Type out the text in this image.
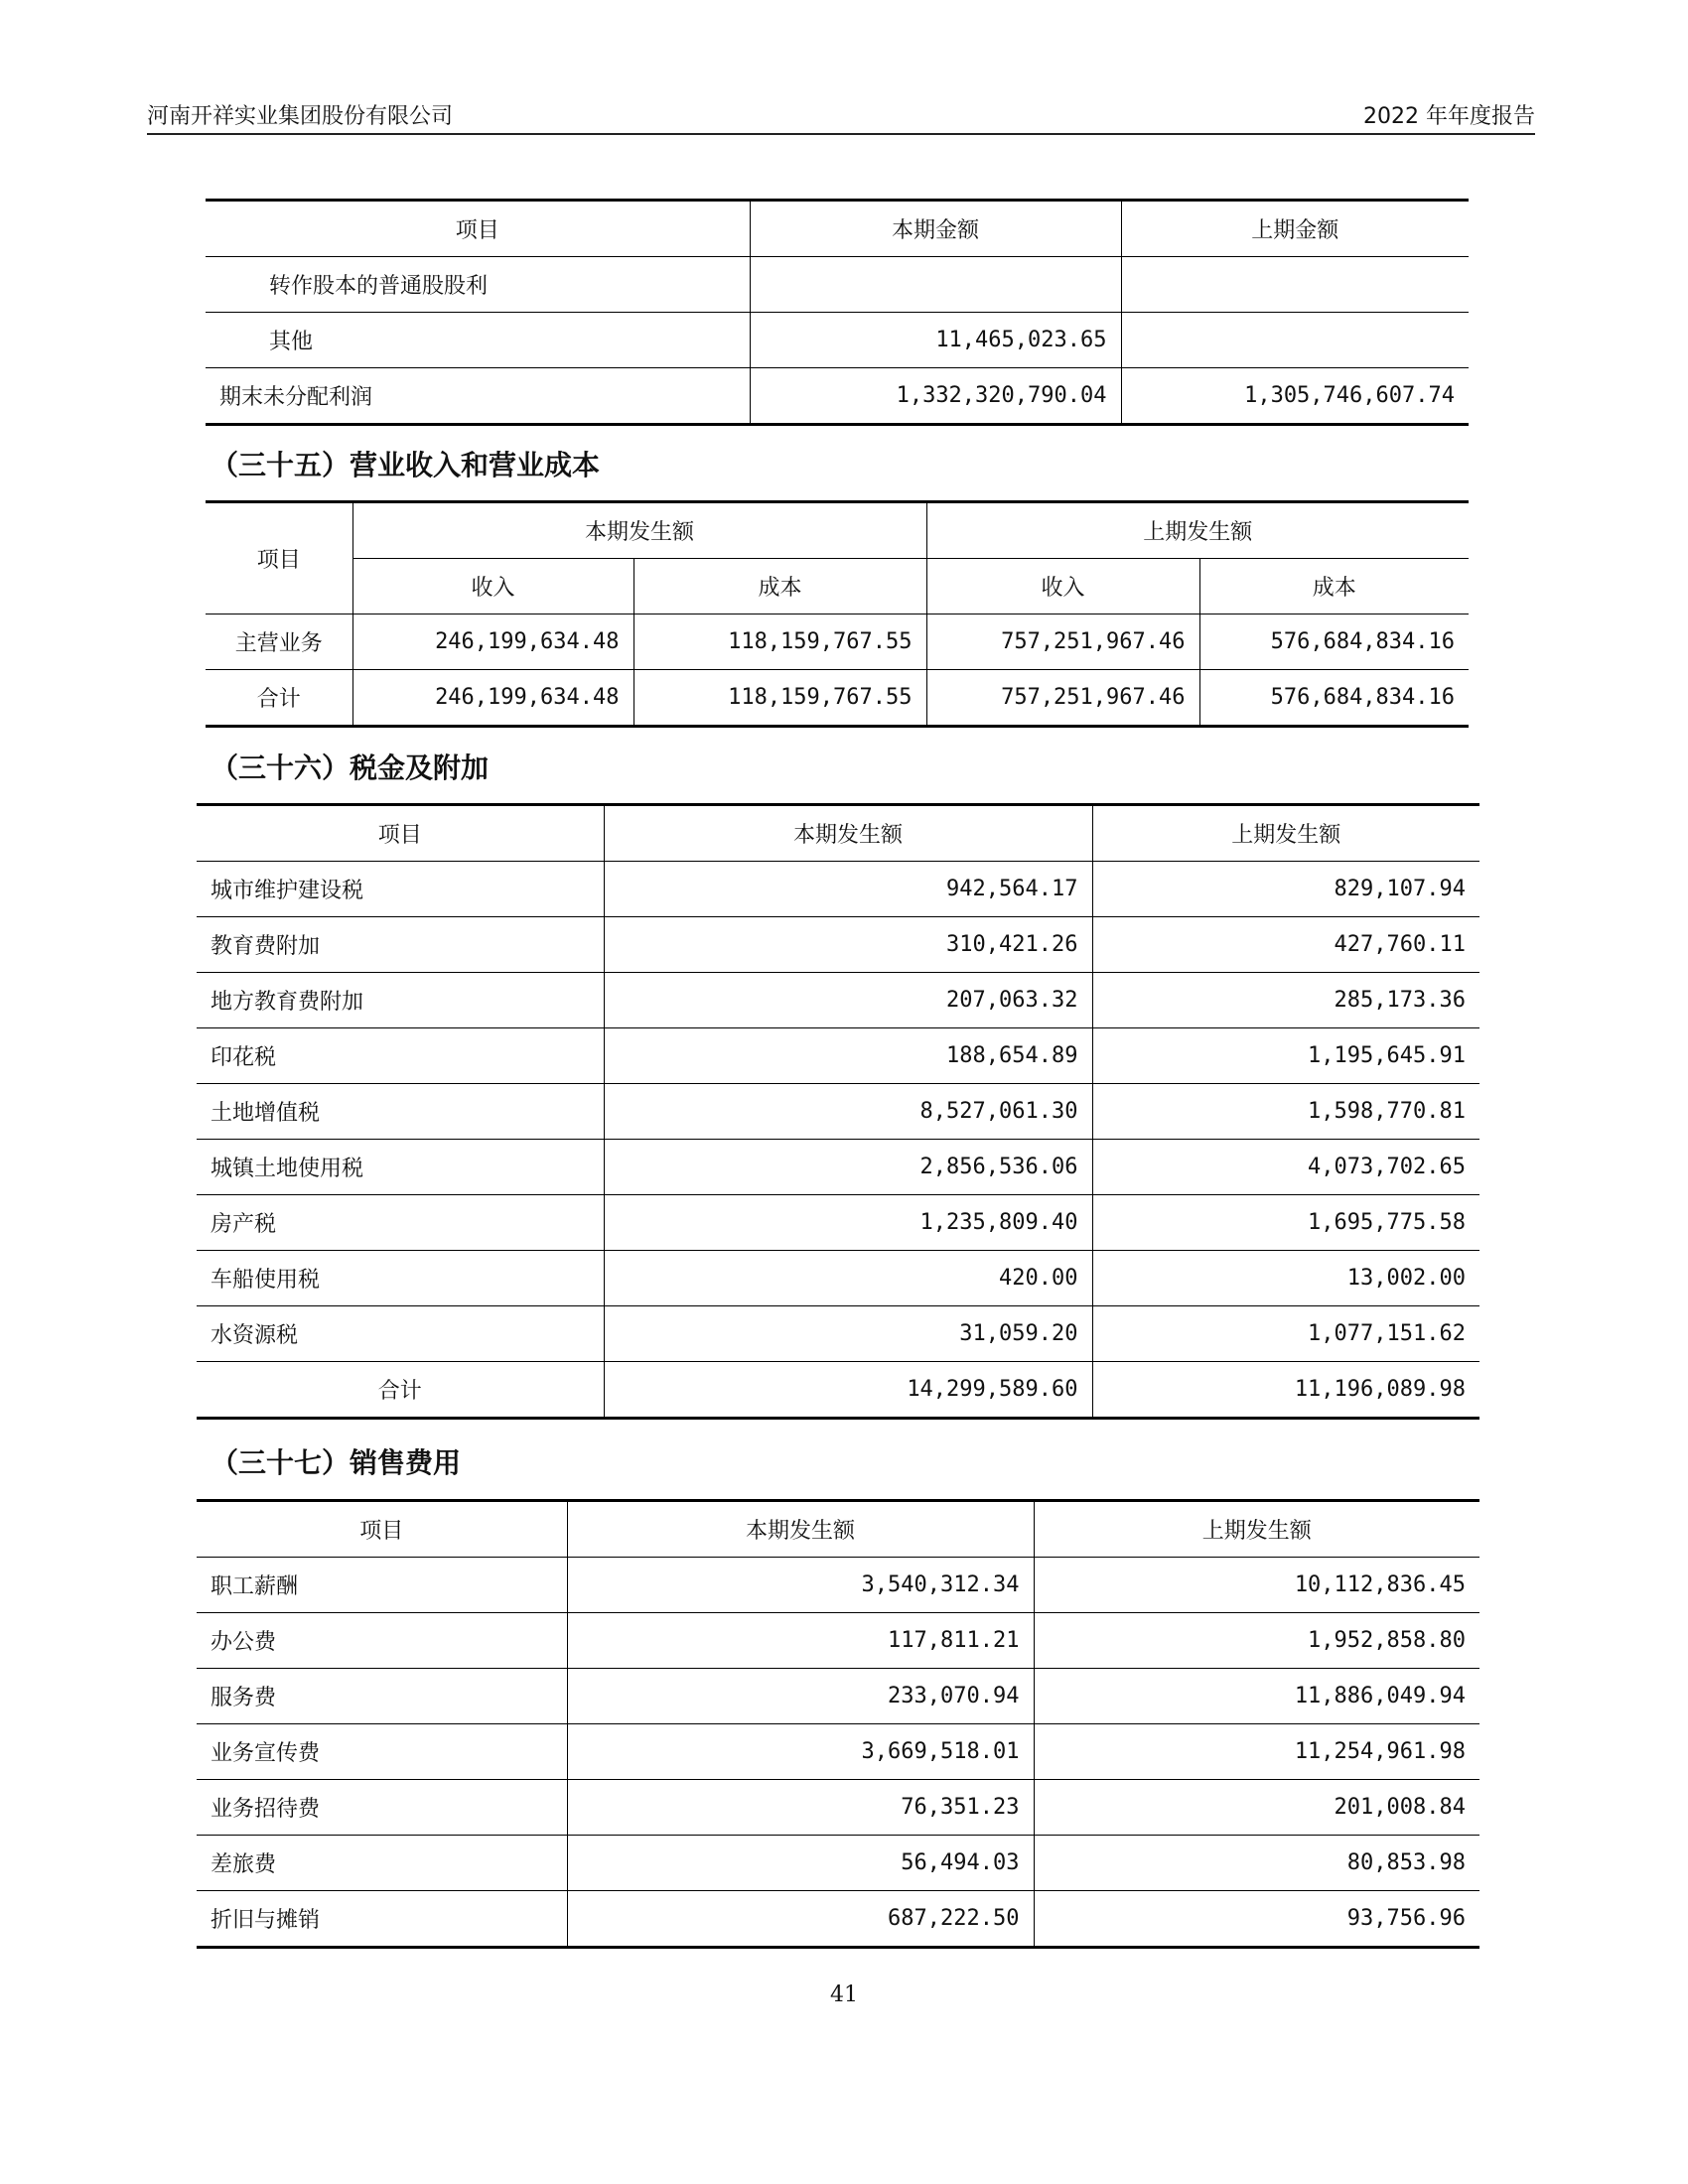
河南开祥实业集团股份有限公司	2022 年年度报告
项目	本期金额	上期金额
转作股本的普通股股利		
其他	11,465,023.65	
期末未分配利润	1,332,320,790.04	1,305,746,607.74
（三十五）营业收入和营业成本
项目	本期发生额		上期发生额	
	收入	成本	收入	成本
主营业务	246,199,634.48	118,159,767.55	757,251,967.46	576,684,834.16
合计	246,199,634.48	118,159,767.55	757,251,967.46	576,684,834.16
（三十六）税金及附加
项目	本期发生额	上期发生额
城市维护建设税	942,564.17	829,107.94
教育费附加	310,421.26	427,760.11
地方教育费附加	207,063.32	285,173.36
印花税	188,654.89	1,195,645.91
土地增值税	8,527,061.30	1,598,770.81
城镇土地使用税	2,856,536.06	4,073,702.65
房产税	1,235,809.40	1,695,775.58
车船使用税	420.00	13,002.00
水资源税	31,059.20	1,077,151.62
合计	14,299,589.60	11,196,089.98
（三十七）销售费用
项目	本期发生额	上期发生额
职工薪酬	3,540,312.34	10,112,836.45
办公费	117,811.21	1,952,858.80
服务费	233,070.94	11,886,049.94
业务宣传费	3,669,518.01	11,254,961.98
业务招待费	76,351.23	201,008.84
差旅费	56,494.03	80,853.98
折旧与摊销	687,222.50	93,756.96
41
